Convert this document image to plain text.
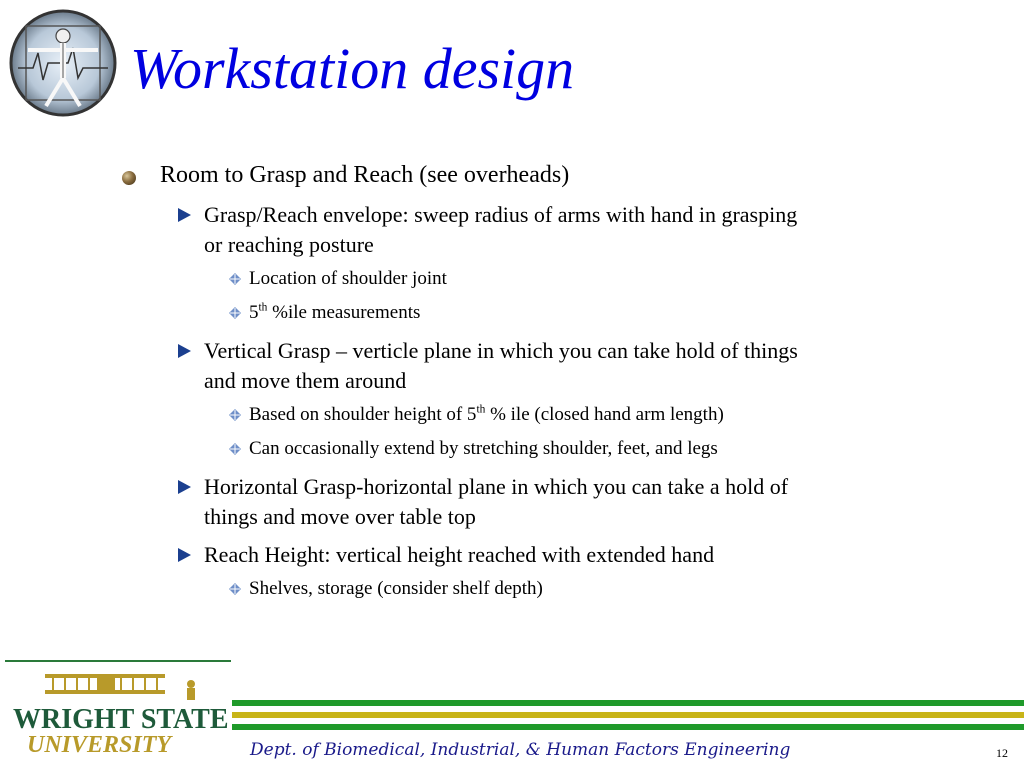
Workstation design
Room to Grasp and Reach (see overheads)
Grasp/Reach envelope: sweep radius of arms with hand in grasping
or reaching posture
Location of shoulder joint
5th %ile measurements
Vertical Grasp – verticle plane in which you can take hold of things
and move them around
Based on shoulder height of 5th % ile (closed hand arm length)
Can occasionally extend by stretching shoulder, feet, and legs
Horizontal Grasp-horizontal plane in which you can take a hold of
things and move over table top
Reach Height: vertical height reached with extended hand
Shelves, storage (consider shelf depth)
WRIGHT STATE
UNIVERSITY	Dept. of Biomedical, Industrial, & Human Factors Engineering	12
